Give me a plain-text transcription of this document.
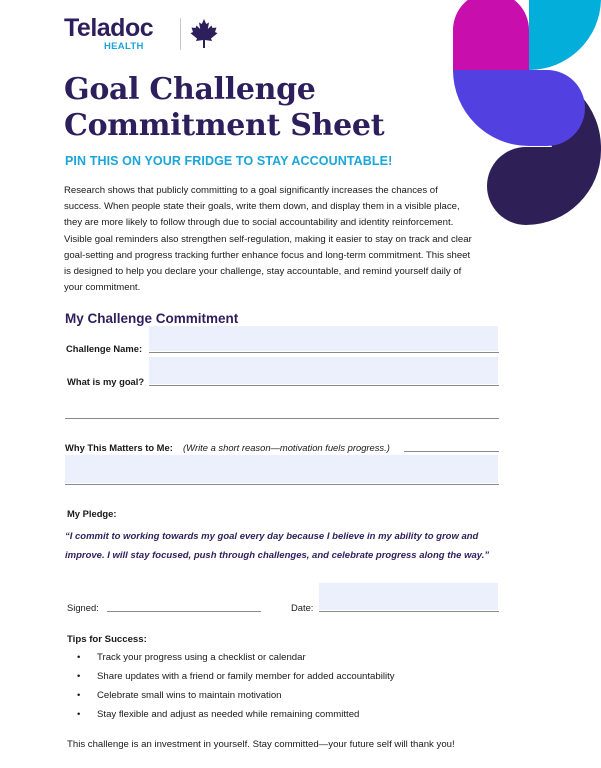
Teladoc
HEALTH
Goal Challenge
Commitment Sheet
PIN THIS ON YOUR FRIDGE TO STAY ACCOUNTABLE!

Research shows that publicly committing to a goal significantly increases the chances of success. When people state their goals, write them down, and display them in a visible place, they are more likely to follow through due to social accountability and identity reinforcement. Visible goal reminders also strengthen self-regulation, making it easier to stay on track and clear goal-setting and progress tracking further enhance focus and long-term commitment. This sheet is designed to help you declare your challenge, stay accountable, and remind yourself daily of your commitment.

My Challenge Commitment
Challenge Name:
What is my goal?
Why This Matters to Me: (Write a short reason—motivation fuels progress.)
My Pledge:

“I commit to working towards my goal every day because I believe in my ability to grow and improve. I will stay focused, push through challenges, and celebrate progress along the way.”

Signed:	Date:
Tips for Success:
• Track your progress using a checklist or calendar
• Share updates with a friend or family member for added accountability
• Celebrate small wins to maintain motivation
• Stay flexible and adjust as needed while remaining committed
This challenge is an investment in yourself. Stay committed—your future self will thank you!
